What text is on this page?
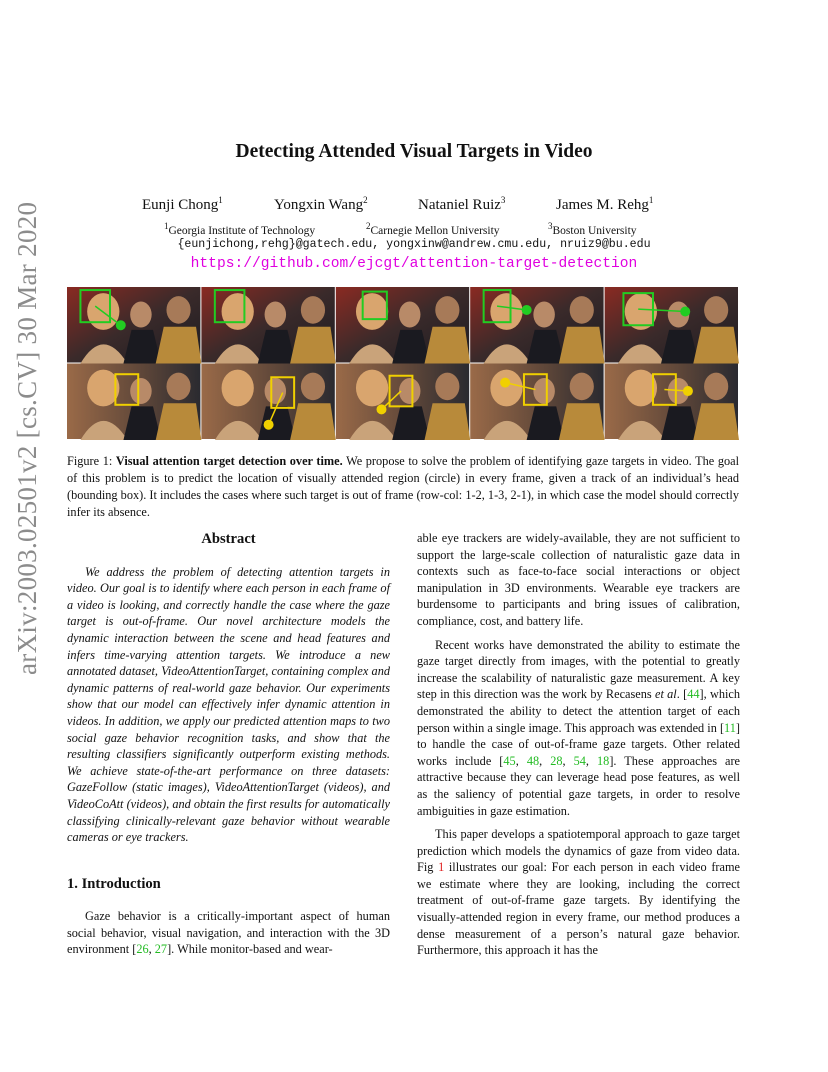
arXiv:2003.02501v2 [cs.CV] 30 Mar 2020
Detecting Attended Visual Targets in Video
Eunji Chong$^1$	Yongxin Wang$^2$	Nataniel Ruiz$^3$	James M. Rehg$^1$
$^1$Georgia Institute of Technology	$^2$Carnegie Mellon University	$^3$Boston University
{eunjichong,rehg}@gatech.edu, yongxinw@andrew.cmu.edu, nruiz9@bu.edu
https://github.com/ejcgt/attention-target-detection
Figure 1: Visual attention target detection over time. We propose to solve the problem of identifying gaze targets in video. The goal of this problem is to predict the location of visually attended region (circle) in every frame, given a track of an individual’s head (bounding box). It includes the cases where such target is out of frame (row-col: 1-2, 1-3, 2-1), in which case the model should correctly infer its absence.
Abstract

We address the problem of detecting attention targets in video. Our goal is to identify where each person in each frame of a video is looking, and correctly handle the case where the gaze target is out-of-frame. Our novel architecture models the dynamic interaction between the scene and head features and infers time-varying attention targets. We introduce a new annotated dataset, VideoAttentionTarget, containing complex and dynamic patterns of real-world gaze behavior. Our experiments show that our model can effectively infer dynamic attention in videos. In addition, we apply our predicted attention maps to two social gaze behavior recognition tasks, and show that the resulting classifiers significantly outperform existing methods. We achieve state-of-the-art performance on three datasets: GazeFollow (static images), VideoAttentionTarget (videos), and VideoCoAtt (videos), and obtain the first results for automatically classifying clinically-relevant gaze behavior without wearable cameras or eye trackers.

1. Introduction

Gaze behavior is a critically-important aspect of human social behavior, visual navigation, and interaction with the 3D environment [26, 27]. While monitor-based and wear-

able eye trackers are widely-available, they are not sufficient to support the large-scale collection of naturalistic gaze data in contexts such as face-to-face social interactions or object manipulation in 3D environments. Wearable eye trackers are burdensome to participants and bring issues of calibration, compliance, cost, and battery life.

Recent works have demonstrated the ability to estimate the gaze target directly from images, with the potential to greatly increase the scalability of naturalistic gaze measurement. A key step in this direction was the work by Recasens et al. [44], which demonstrated the ability to detect the attention target of each person within a single image. This approach was extended in [11] to handle the case of out-of-frame gaze targets. Other related works include [45, 48, 28, 54, 18]. These approaches are attractive because they can leverage head pose features, as well as the saliency of potential gaze targets, in order to resolve ambiguities in gaze estimation.

This paper develops a spatiotemporal approach to gaze target prediction which models the dynamics of gaze from video data. Fig 1 illustrates our goal: For each person in each video frame we estimate where they are looking, including the correct treatment of out-of-frame gaze targets. By identifying the visually-attended region in every frame, our method produces a dense measurement of a person’s natural gaze behavior. Furthermore, this approach it has the
